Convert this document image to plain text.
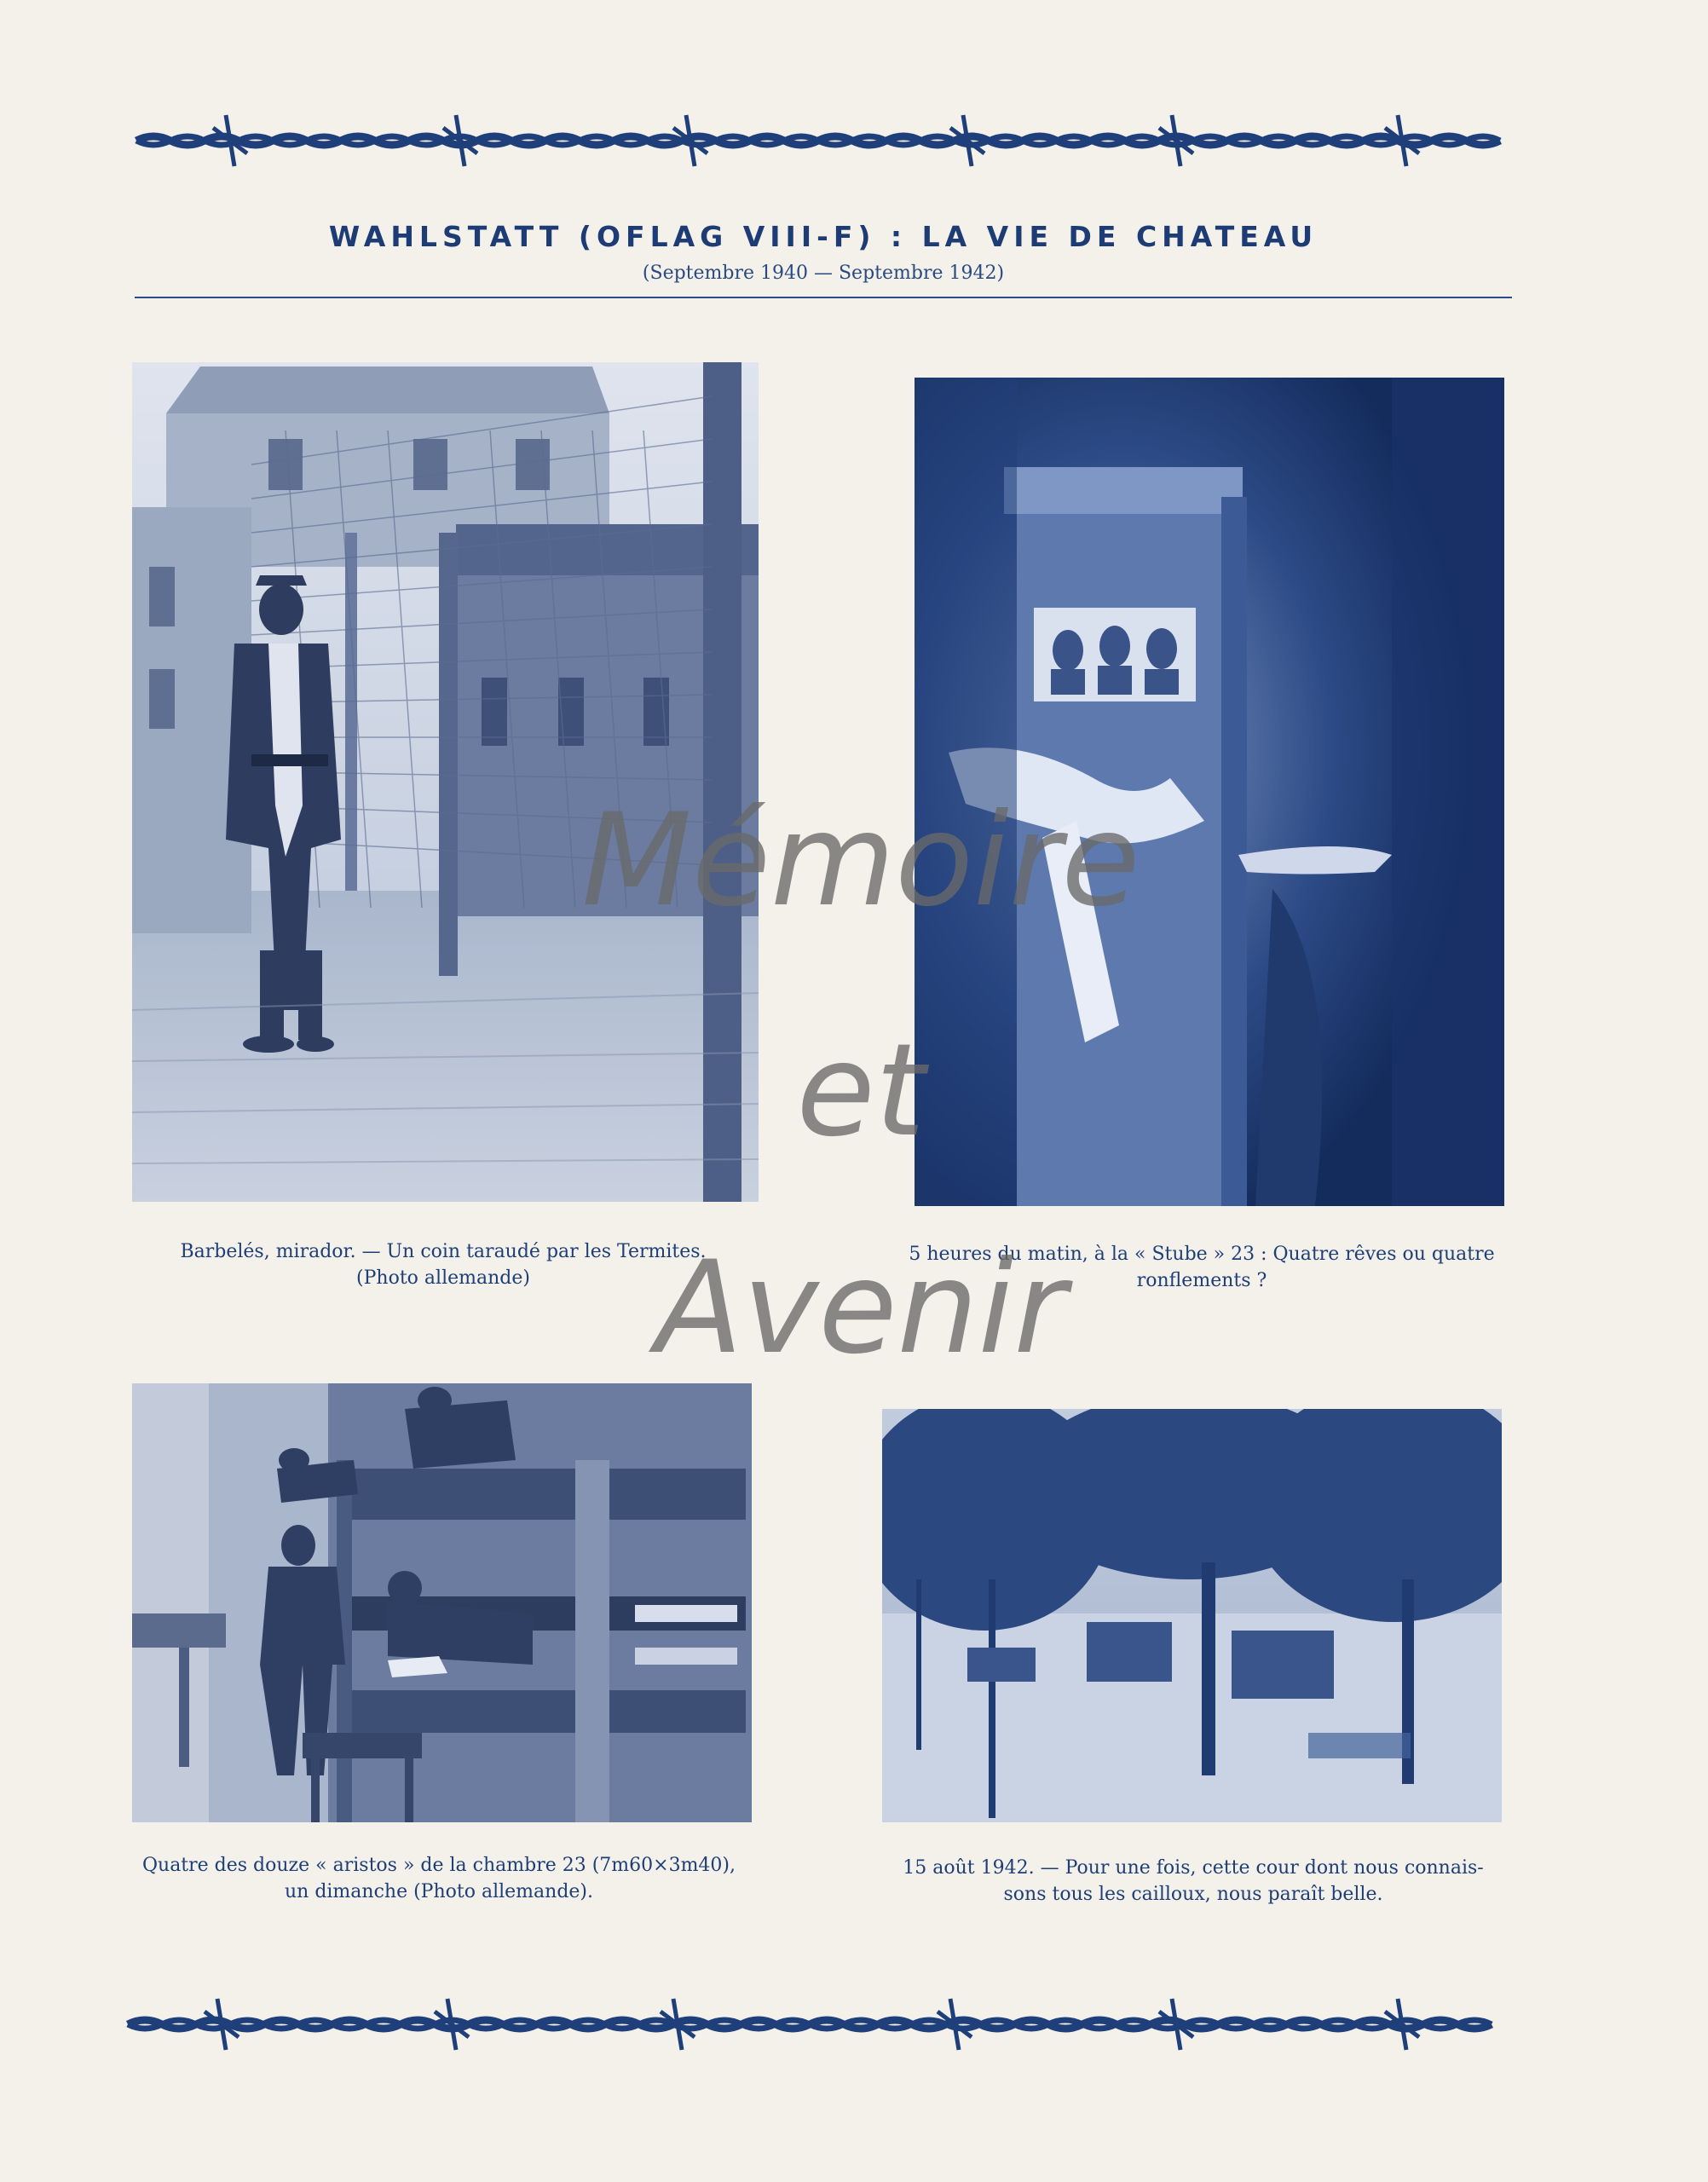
WAHLSTATT (OFLAG VIII-F) : LA VIE DE CHATEAU
(Septembre 1940 — Septembre 1942)
Barbelés, mirador. — Un coin taraudé par les Termites.
(Photo allemande)
5 heures du matin, à la « Stube » 23 : Quatre rêves ou quatre
ronflements ?
Quatre des douze « aristos » de la chambre 23 (7m60×3m40),
un dimanche (Photo allemande).
15 août 1942. — Pour une fois, cette cour dont nous connais-
sons tous les cailloux, nous paraît belle.
Mémoire
et
Avenir
